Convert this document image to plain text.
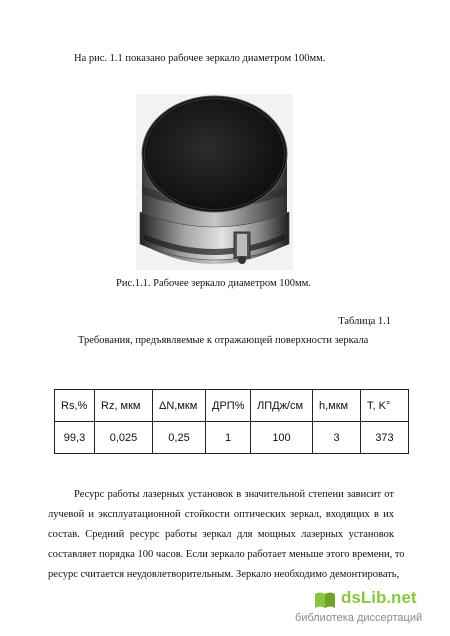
На рис. 1.1 показано рабочее зеркало диаметром 100мм.
Рис.1.1. Рабочее зеркало диаметром 100мм.
Таблица 1.1
Требования, предъявляемые к отражающей поверхности зеркала
Rs,%	Rz, мкм	ΔN,мкм	ДРП%	ЛПДж/см	h,мкм	T, K°
99,3	0,025	0,25	1	100	3	373
Ресурс работы лазерных установок в значительной степени зависит от
лучевой и эксплуатационной стойкости оптических зеркал, входящих в их
состав. Средний ресурс работы зеркал для мощных лазерных установок
составляет порядка 100 часов. Если зеркало работает меньше этого времени, то
ресурс считается неудовлетворительным. Зеркало необходимо демонтировать,
dsLib.net
библиотека диссертаций
